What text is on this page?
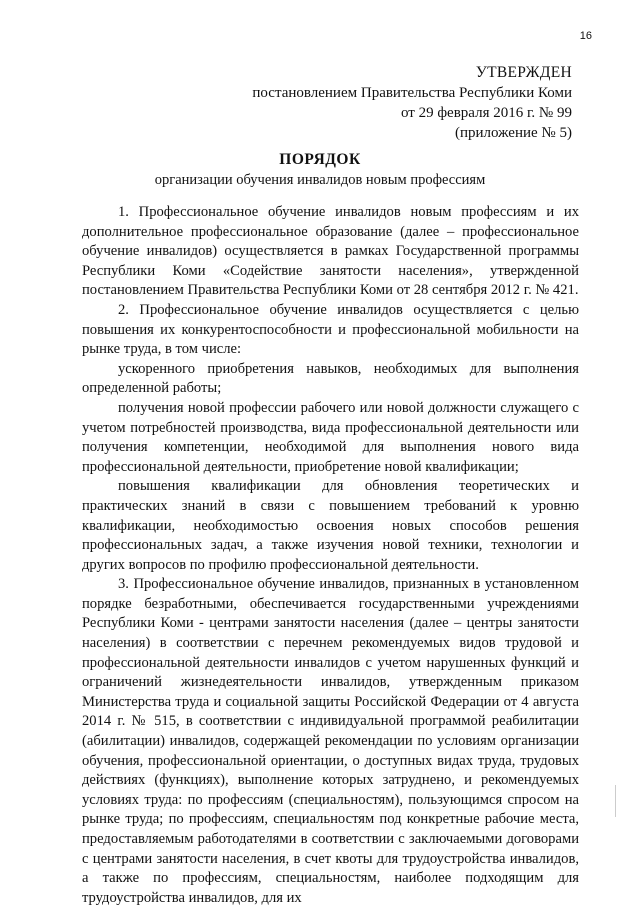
16
УТВЕРЖДЕН
постановлением Правительства Республики Коми
от 29 февраля 2016 г. № 99
(приложение № 5)
ПОРЯДОК
организации обучения инвалидов новым профессиям

1. Профессиональное обучение инвалидов новым профессиям и их дополнительное профессиональное образование (далее – профессиональное обучение инвалидов) осуществляется в рамках Государственной программы Республики Коми «Содействие занятости населения», утвержденной постановлением Правительства Республики Коми от 28 сентября 2012 г. № 421.

2. Профессиональное обучение инвалидов осуществляется с целью повышения их конкурентоспособности и профессиональной мобильности на рынке труда, в том числе:

ускоренного приобретения навыков, необходимых для выполнения определенной работы;

получения новой профессии рабочего или новой должности служащего с учетом потребностей производства, вида профессиональной деятельности или получения компетенции, необходимой для выполнения нового вида профессиональной деятельности, приобретение новой квалификации;

повышения квалификации для обновления теоретических и практических знаний в связи с повышением требований к уровню квалификации, необходимостью освоения новых способов решения профессиональных задач, а также изучения новой техники, технологии и других вопросов по профилю профессиональной деятельности.

3. Профессиональное обучение инвалидов, признанных в установленном порядке безработными, обеспечивается государственными учреждениями Республики Коми - центрами занятости населения (далее – центры занятости населения) в соответствии с перечнем рекомендуемых видов трудовой и профессиональной деятельности инвалидов с учетом нарушенных функций и ограничений жизнедеятельности инвалидов, утвержденным приказом Министерства труда и социальной защиты Российской Федерации от 4 августа 2014 г. № 515, в соответствии с индивидуальной программой реабилитации (абилитации) инвалидов, содержащей рекомендации по условиям организации обучения, профессиональной ориентации, о доступных видах труда, трудовых действиях (функциях), выполнение которых затруднено, и рекомендуемых условиях труда: по профессиям (специальностям), пользующимся спросом на рынке труда; по профессиям, специальностям под конкретные рабочие места, предоставляемым работодателями в соответствии с заключаемыми договорами с центрами занятости населения, в счет квоты для трудоустройства инвалидов, а также по профессиям, специальностям, наиболее подходящим для трудоустройства инвалидов, для их
